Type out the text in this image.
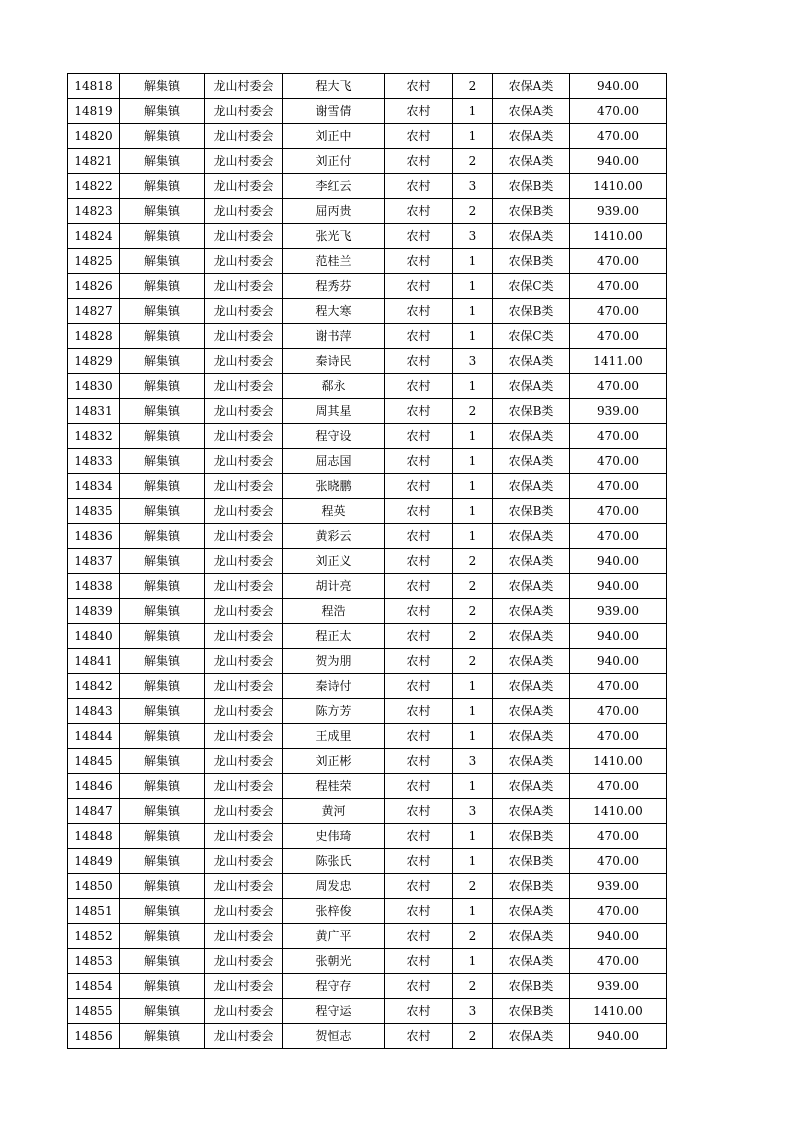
14818	解集镇	龙山村委会	程大飞	农村	2	农保A类	940.00
14819	解集镇	龙山村委会	谢雪倩	农村	1	农保A类	470.00
14820	解集镇	龙山村委会	刘正中	农村	1	农保A类	470.00
14821	解集镇	龙山村委会	刘正付	农村	2	农保A类	940.00
14822	解集镇	龙山村委会	李红云	农村	3	农保B类	1410.00
14823	解集镇	龙山村委会	屈丙贵	农村	2	农保B类	939.00
14824	解集镇	龙山村委会	张光飞	农村	3	农保A类	1410.00
14825	解集镇	龙山村委会	范桂兰	农村	1	农保B类	470.00
14826	解集镇	龙山村委会	程秀芬	农村	1	农保C类	470.00
14827	解集镇	龙山村委会	程大寒	农村	1	农保B类	470.00
14828	解集镇	龙山村委会	谢书萍	农村	1	农保C类	470.00
14829	解集镇	龙山村委会	秦诗民	农村	3	农保A类	1411.00
14830	解集镇	龙山村委会	郗永	农村	1	农保A类	470.00
14831	解集镇	龙山村委会	周其星	农村	2	农保B类	939.00
14832	解集镇	龙山村委会	程守设	农村	1	农保A类	470.00
14833	解集镇	龙山村委会	屈志国	农村	1	农保A类	470.00
14834	解集镇	龙山村委会	张晓鹏	农村	1	农保A类	470.00
14835	解集镇	龙山村委会	程英	农村	1	农保B类	470.00
14836	解集镇	龙山村委会	黄彩云	农村	1	农保A类	470.00
14837	解集镇	龙山村委会	刘正义	农村	2	农保A类	940.00
14838	解集镇	龙山村委会	胡计亮	农村	2	农保A类	940.00
14839	解集镇	龙山村委会	程浩	农村	2	农保A类	939.00
14840	解集镇	龙山村委会	程正太	农村	2	农保A类	940.00
14841	解集镇	龙山村委会	贺为朋	农村	2	农保A类	940.00
14842	解集镇	龙山村委会	秦诗付	农村	1	农保A类	470.00
14843	解集镇	龙山村委会	陈方芳	农村	1	农保A类	470.00
14844	解集镇	龙山村委会	王成里	农村	1	农保A类	470.00
14845	解集镇	龙山村委会	刘正彬	农村	3	农保A类	1410.00
14846	解集镇	龙山村委会	程桂荣	农村	1	农保A类	470.00
14847	解集镇	龙山村委会	黄河	农村	3	农保A类	1410.00
14848	解集镇	龙山村委会	史伟琦	农村	1	农保B类	470.00
14849	解集镇	龙山村委会	陈张氏	农村	1	农保B类	470.00
14850	解集镇	龙山村委会	周发忠	农村	2	农保B类	939.00
14851	解集镇	龙山村委会	张梓俊	农村	1	农保A类	470.00
14852	解集镇	龙山村委会	黄广平	农村	2	农保A类	940.00
14853	解集镇	龙山村委会	张朝光	农村	1	农保A类	470.00
14854	解集镇	龙山村委会	程守存	农村	2	农保B类	939.00
14855	解集镇	龙山村委会	程守运	农村	3	农保B类	1410.00
14856	解集镇	龙山村委会	贺恒志	农村	2	农保A类	940.00
